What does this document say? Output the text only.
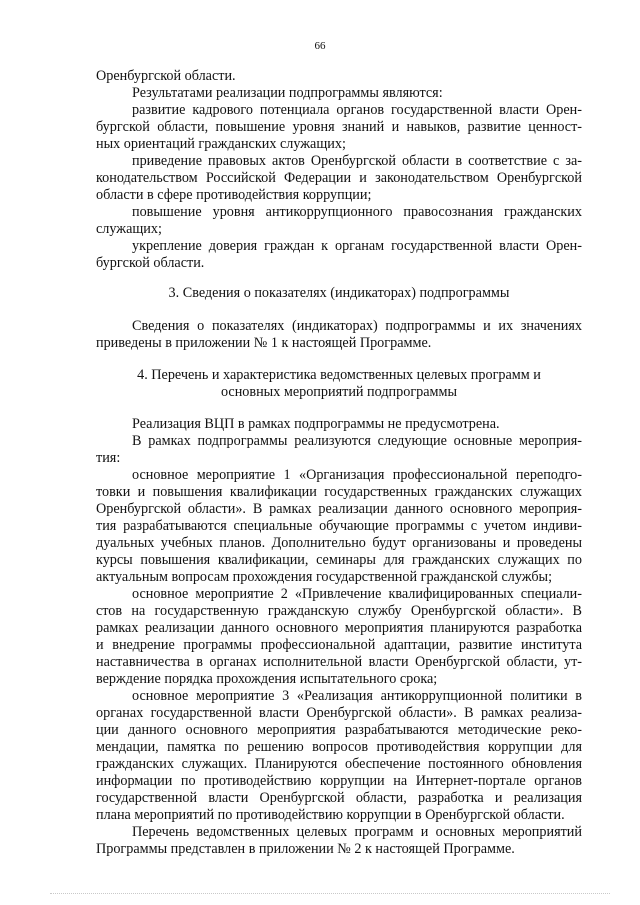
66
Оренбургской области.
Результатами реализации подпрограммы являются:
развитие кадрового потенциала органов государственной власти Орен-
бургской области, повышение уровня знаний и навыков, развитие ценност-
ных ориентаций гражданских служащих;
приведение правовых актов Оренбургской области в соответствие с за-
конодательством Российской Федерации и законодательством Оренбургской
области в сфере противодействия коррупции;
повышение уровня антикоррупционного правосознания гражданских
служащих;
укрепление доверия граждан к органам государственной власти Орен-
бургской области.
3. Сведения о показателях (индикаторах) подпрограммы
Сведения о показателях (индикаторах) подпрограммы и их значениях
приведены в приложении № 1 к настоящей Программе.
4. Перечень и характеристика ведомственных целевых программ и
основных мероприятий подпрограммы
Реализация ВЦП в рамках подпрограммы не предусмотрена.
В рамках подпрограммы реализуются следующие основные мероприя-
тия:
основное мероприятие 1 «Организация профессиональной переподго-
товки и повышения квалификации государственных гражданских служащих
Оренбургской области». В рамках реализации данного основного мероприя-
тия разрабатываются специальные обучающие программы с учетом индиви-
дуальных учебных планов. Дополнительно будут организованы и проведены
курсы повышения квалификации, семинары для гражданских служащих по
актуальным вопросам прохождения государственной гражданской службы;
основное мероприятие 2 «Привлечение квалифицированных специали-
стов на государственную гражданскую службу Оренбургской области». В
рамках реализации данного основного мероприятия планируются разработка
и внедрение программы профессиональной адаптации, развитие института
наставничества в органах исполнительной власти Оренбургской области, ут-
верждение порядка прохождения испытательного срока;
основное мероприятие 3 «Реализация антикоррупционной политики в
органах государственной власти Оренбургской области». В рамках реализа-
ции данного основного мероприятия разрабатываются методические реко-
мендации, памятка по решению вопросов противодействия коррупции для
гражданских служащих. Планируются обеспечение постоянного обновления
информации по противодействию коррупции на Интернет-портале органов
государственной власти Оренбургской области, разработка и реализация
плана мероприятий по противодействию коррупции в Оренбургской области.
Перечень ведомственных целевых программ и основных мероприятий
Программы представлен в приложении № 2 к настоящей Программе.
